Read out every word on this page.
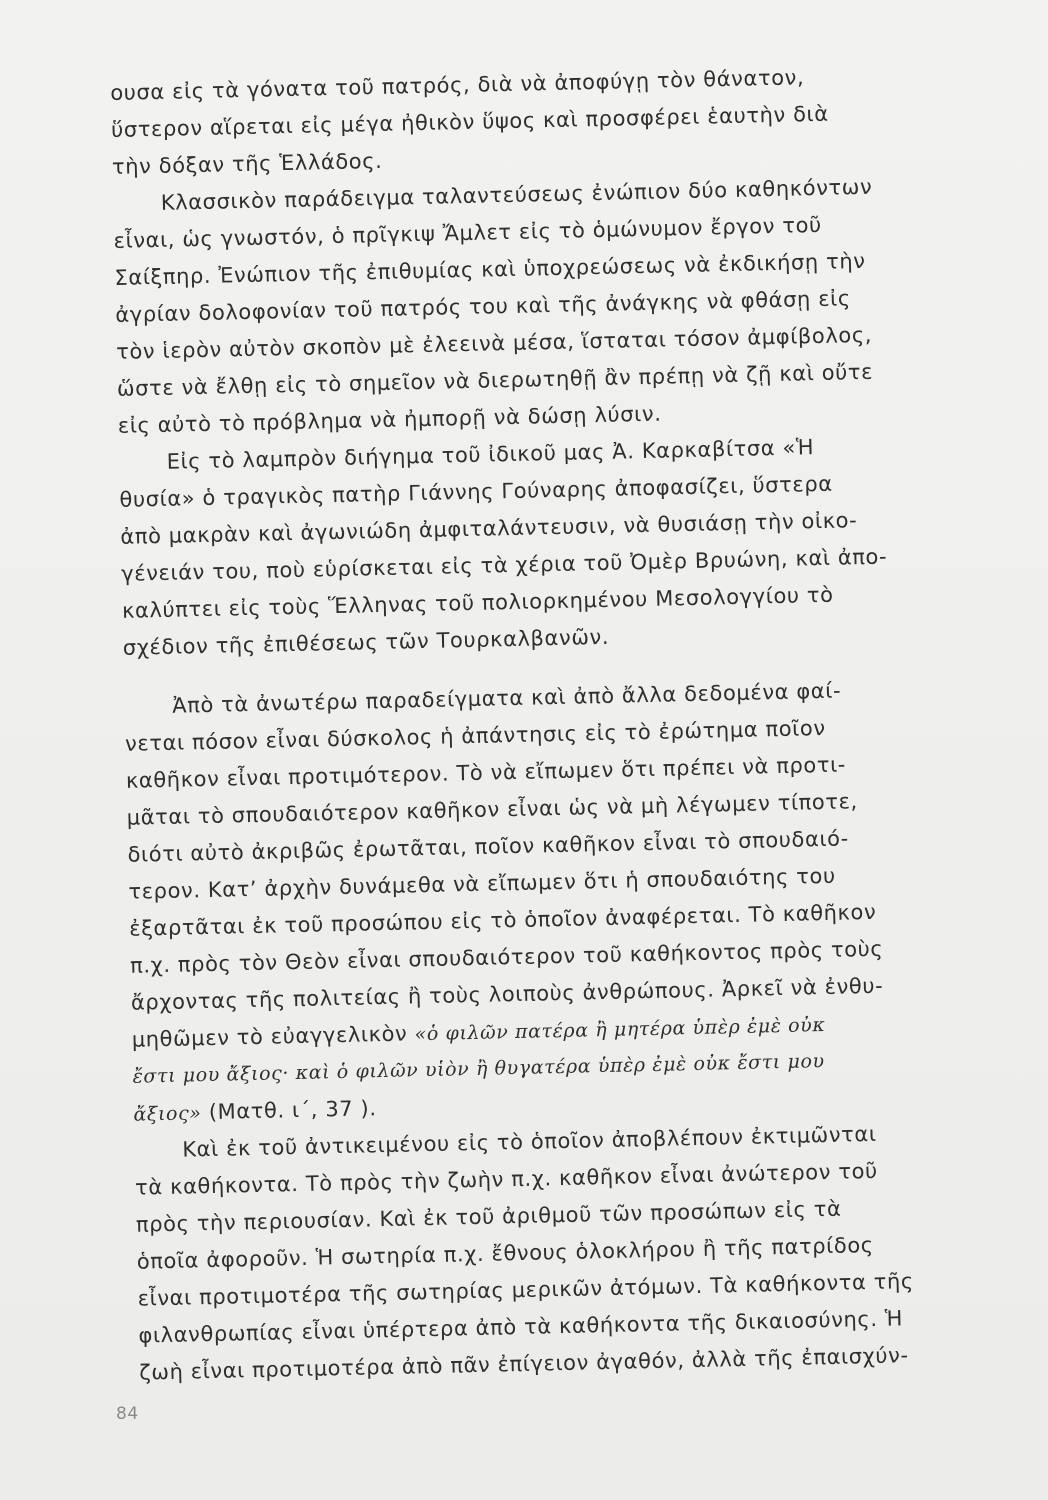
ουσα εἰς τὰ γόνατα τοῦ πατρός, διὰ νὰ ἀποφύγῃ τὸν θάνατον,
ὕστερον αἵρεται εἰς μέγα ἠθικὸν ὕψος καὶ προσφέρει ἑαυτὴν διὰ
τὴν δόξαν τῆς Ἑλλάδος.
Κλασσικὸν παράδειγμα ταλαντεύσεως ἐνώπιον δύο καθηκόντων
εἶναι, ὡς γνωστόν, ὁ πρῖγκιψ Ἄμλετ εἰς τὸ ὁμώνυμον ἔργον τοῦ
Σαίξπηρ. Ἐνώπιον τῆς ἐπιθυμίας καὶ ὑποχρεώσεως νὰ ἐκδικήσῃ τὴν
ἀγρίαν δολοφονίαν τοῦ πατρός του καὶ τῆς ἀνάγκης νὰ φθάσῃ εἰς
τὸν ἱερὸν αὐτὸν σκοπὸν μὲ ἐλεεινὰ μέσα, ἵσταται τόσον ἀμφίβολος,
ὥστε νὰ ἔλθῃ εἰς τὸ σημεῖον νὰ διερωτηθῇ ἂν πρέπῃ νὰ ζῇ καὶ οὔτε
εἰς αὐτὸ τὸ πρόβλημα νὰ ἠμπορῇ νὰ δώσῃ λύσιν.
Εἰς τὸ λαμπρὸν διήγημα τοῦ ἰδικοῦ μας Ἀ. Καρκαβίτσα «Ἡ
θυσία» ὁ τραγικὸς πατὴρ Γιάννης Γούναρης ἀποφασίζει, ὕστερα
ἀπὸ μακρὰν καὶ ἀγωνιώδη ἀμφιταλάντευσιν, νὰ θυσιάσῃ τὴν οἰκο-
γένειάν του, ποὺ εὑρίσκεται εἰς τὰ χέρια τοῦ Ὀμὲρ Βρυώνη, καὶ ἀπο-
καλύπτει εἰς τοὺς Ἕλληνας τοῦ πολιορκημένου Μεσολογγίου τὸ
σχέδιον τῆς ἐπιθέσεως τῶν Τουρκαλβανῶν.
Ἀπὸ τὰ ἀνωτέρω παραδείγματα καὶ ἀπὸ ἄλλα δεδομένα φαί-
νεται πόσον εἶναι δύσκολος ἡ ἀπάντησις εἰς τὸ ἐρώτημα ποῖον
καθῆκον εἶναι προτιμότερον. Τὸ νὰ εἴπωμεν ὅτι πρέπει νὰ προτι-
μᾶται τὸ σπουδαιότερον καθῆκον εἶναι ὡς νὰ μὴ λέγωμεν τίποτε,
διότι αὐτὸ ἀκριβῶς ἐρωτᾶται, ποῖον καθῆκον εἶναι τὸ σπουδαιό-
τερον. Κατ’ ἀρχὴν δυνάμεθα νὰ εἴπωμεν ὅτι ἡ σπουδαιότης του
ἐξαρτᾶται ἐκ τοῦ προσώπου εἰς τὸ ὁποῖον ἀναφέρεται. Τὸ καθῆκον
π.χ. πρὸς τὸν Θεὸν εἶναι σπουδαιότερον τοῦ καθήκοντος πρὸς τοὺς
ἄρχοντας τῆς πολιτείας ἢ τοὺς λοιποὺς ἀνθρώπους. Ἀρκεῖ νὰ ἐνθυ-
μηθῶμεν τὸ εὐαγγελικὸν «ὁ φιλῶν πατέρα ἢ μητέρα ὑπὲρ ἐμὲ οὐκ
ἔστι μου ἄξιος· καὶ ὁ φιλῶν υἱὸν ἢ θυγατέρα ὑπὲρ ἐμὲ οὐκ ἔστι μου
ἄξιος» (Ματθ. ι΄, 37 ).
Καὶ ἐκ τοῦ ἀντικειμένου εἰς τὸ ὁποῖον ἀποβλέπουν ἐκτιμῶνται
τὰ καθήκοντα. Τὸ πρὸς τὴν ζωὴν π.χ. καθῆκον εἶναι ἀνώτερον τοῦ
πρὸς τὴν περιουσίαν. Καὶ ἐκ τοῦ ἀριθμοῦ τῶν προσώπων εἰς τὰ
ὁποῖα ἀφοροῦν. Ἡ σωτηρία π.χ. ἔθνους ὁλοκλήρου ἢ τῆς πατρίδος
εἶναι προτιμοτέρα τῆς σωτηρίας μερικῶν ἀτόμων. Τὰ καθήκοντα τῆς
φιλανθρωπίας εἶναι ὑπέρτερα ἀπὸ τὰ καθήκοντα τῆς δικαιοσύνης. Ἡ
ζωὴ εἶναι προτιμοτέρα ἀπὸ πᾶν ἐπίγειον ἀγαθόν, ἀλλὰ τῆς ἐπαισχύν-
84
